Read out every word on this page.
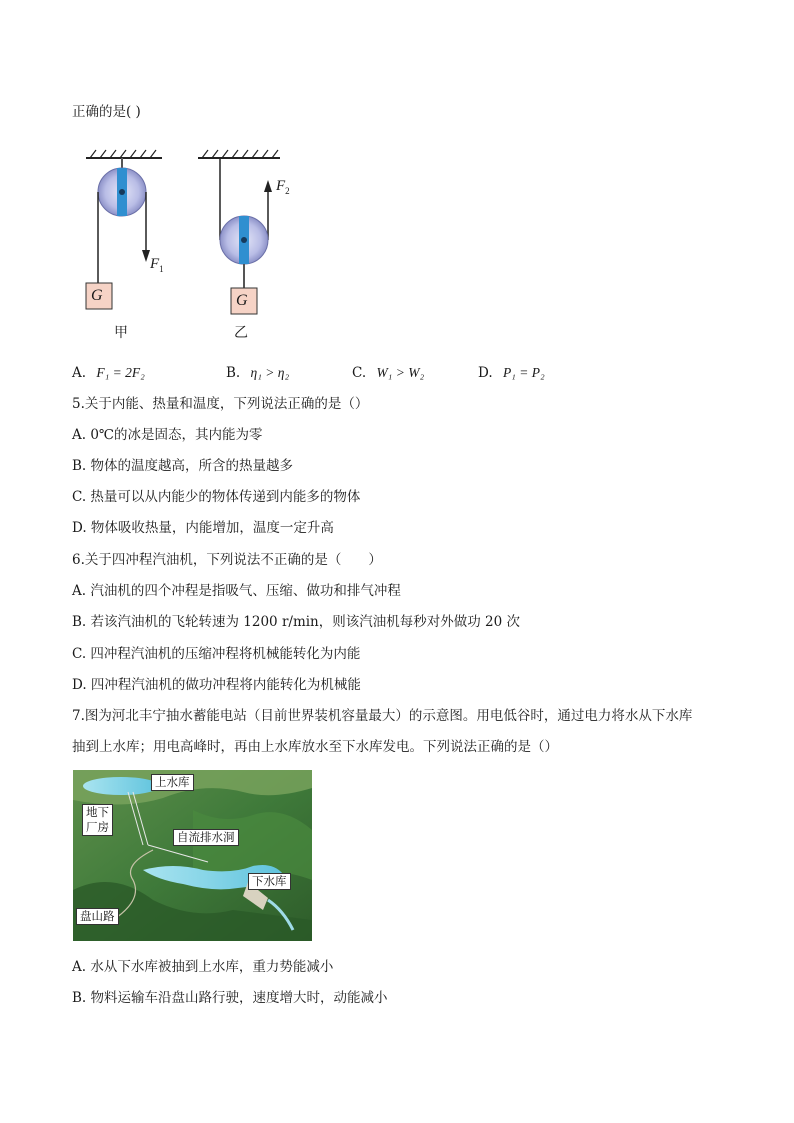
正确的是( )
G	G
$F_1$
$F_2$
甲	乙
A. F₁ = 2F₂	B. η₁ > η₂	C. W₁ > W₂	D. P₁ = P₂
5.关于内能、热量和温度，下列说法正确的是（）
A. 0℃的冰是固态，其内能为零
B. 物体的温度越高，所含的热量越多
C. 热量可以从内能少的物体传递到内能多的物体
D. 物体吸收热量，内能增加，温度一定升高
6.关于四冲程汽油机，下列说法不正确的是（　　）
A. 汽油机的四个冲程是指吸气、压缩、做功和排气冲程
B. 若该汽油机的飞轮转速为 1200 r/min，则该汽油机每秒对外做功 20 次
C. 四冲程汽油机的压缩冲程将机械能转化为内能
D. 四冲程汽油机的做功冲程将内能转化为机械能
7.图为河北丰宁抽水蓄能电站（目前世界装机容量最大）的示意图。用电低谷时，通过电力将水从下水库
抽到上水库；用电高峰时，再由上水库放水至下水库发电。下列说法正确的是（）
上水库
地下
厂房
自流排水洞
下水库
盘山路
A. 水从下水库被抽到上水库，重力势能减小
B. 物料运输车沿盘山路行驶，速度增大时，动能减小
